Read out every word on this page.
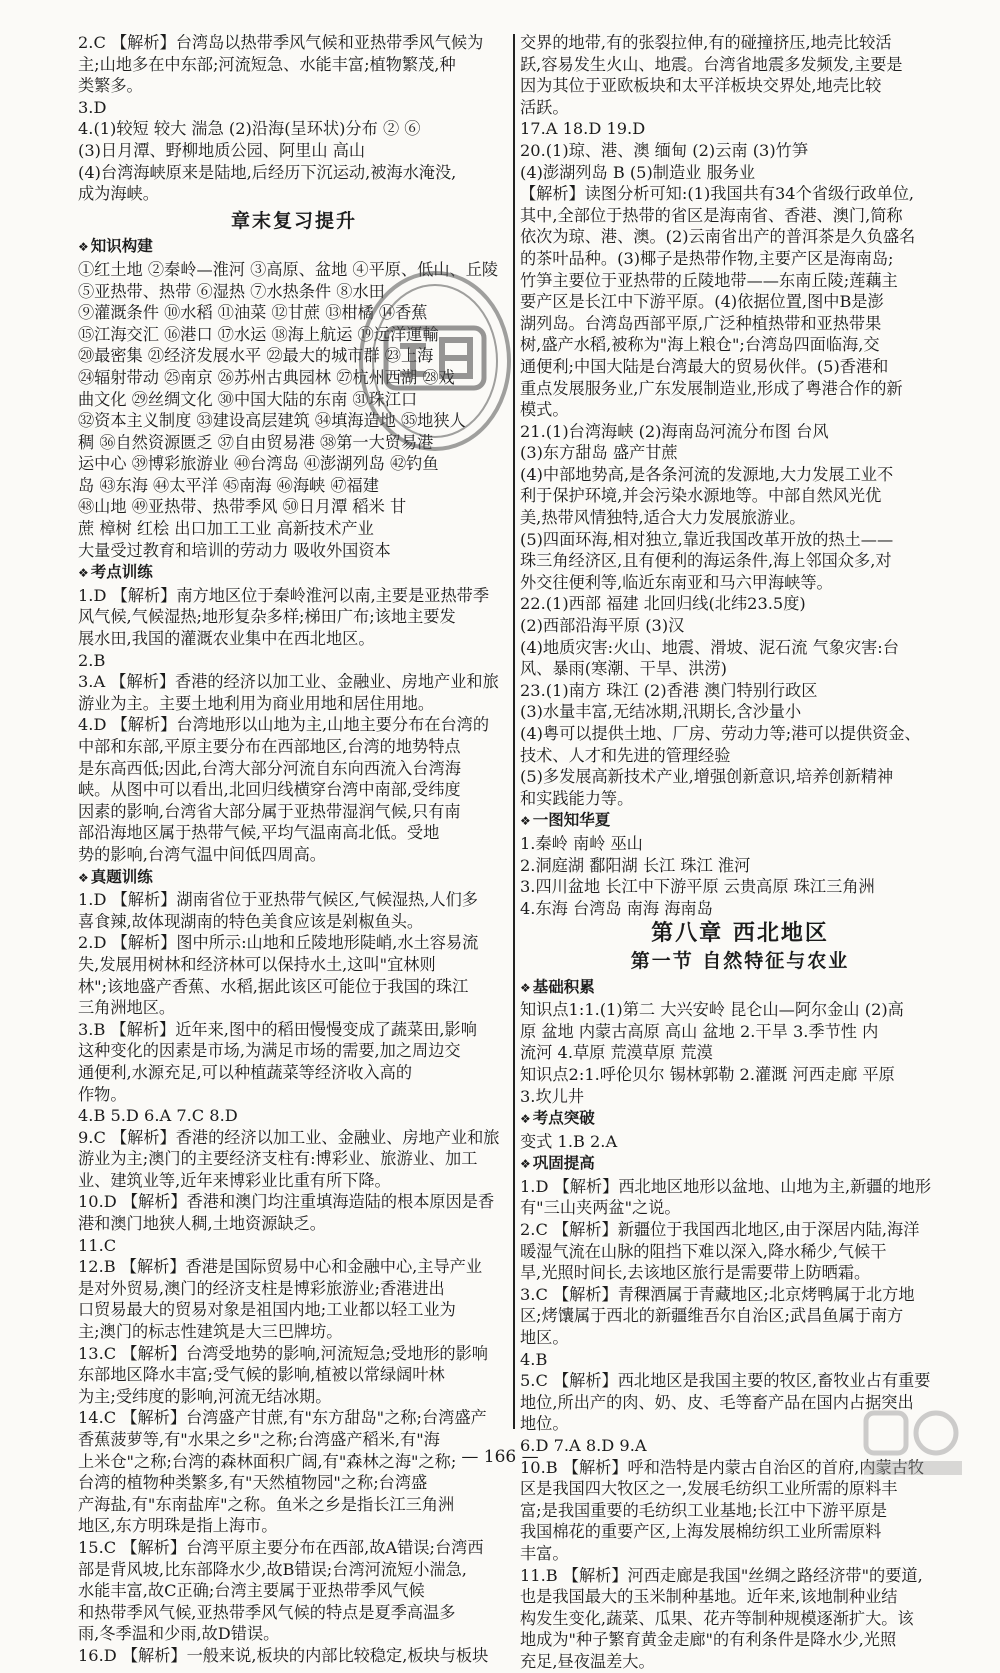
2.C 【解析】台湾岛以热带季风气候和亚热带季风气候为
主;山地多在中东部;河流短急、水能丰富;植物繁茂,种
类繁多。
3.D
4.(1)较短 较大 湍急 (2)沿海(呈环状)分布 ② ⑥
(3)日月潭、野柳地质公园、阿里山 高山
(4)台湾海峡原来是陆地,后经历下沉运动,被海水淹没,
成为海峡。
章末复习提升
❖ 知识构建
①红土地 ②秦岭—淮河 ③高原、盆地 ④平原、低山、丘陵
⑤亚热带、热带 ⑥湿热 ⑦水热条件 ⑧水田
⑨灌溉条件 ⑩水稻 ⑪油菜 ⑫甘蔗 ⑬柑橘 ⑭香蕉
⑮江海交汇 ⑯港口 ⑰水运 ⑱海上航运 ⑲远洋運輸
⑳最密集 ㉑经济发展水平 ㉒最大的城市群 ㉓上海
㉔辐射带动 ㉕南京 ㉖苏州古典园林 ㉗杭州西湖 ㉘戏
曲文化 ㉙丝绸文化 ㉚中国大陆的东南 ㉛珠江口
㉜资本主义制度 ㉝建设高层建筑 ㉞填海造地 ㉟地狭人
稠 ㊱自然资源匮乏 ㊲自由贸易港 ㊳第一大贸易港
运中心 ㊴博彩旅游业 ㊵台湾岛 ㊶澎湖列岛 ㊷钓鱼
岛 ㊸东海 ㊹太平洋 ㊺南海 ㊻海峡 ㊼福建
㊽山地 ㊾亚热带、热带季风 ㊿日月潭 稻米 甘
蔗 樟树 红桧 出口加工工业 高新技术产业
大量受过教育和培训的劳动力 吸收外国资本
❖ 考点训练
1.D 【解析】南方地区位于秦岭淮河以南,主要是亚热带季
风气候,气候湿热;地形复杂多样;梯田广布;该地主要发
展水田,我国的灌溉农业集中在西北地区。
2.B
3.A 【解析】香港的经济以加工业、金融业、房地产业和旅
游业为主。主要土地利用为商业用地和居住用地。
4.D 【解析】台湾地形以山地为主,山地主要分布在台湾的
中部和东部,平原主要分布在西部地区,台湾的地势特点
是东高西低;因此,台湾大部分河流自东向西流入台湾海
峡。从图中可以看出,北回归线横穿台湾中南部,受纬度
因素的影响,台湾省大部分属于亚热带湿润气候,只有南
部沿海地区属于热带气候,平均气温南高北低。受地
势的影响,台湾气温中间低四周高。
❖ 真题训练
1.D 【解析】湖南省位于亚热带气候区,气候湿热,人们多
喜食辣,故体现湖南的特色美食应该是剁椒鱼头。
2.D 【解析】图中所示:山地和丘陵地形陡峭,水土容易流
失,发展用树林和经济林可以保持水土,这叫"宜林则
林";该地盛产香蕉、水稻,据此该区可能位于我国的珠江
三角洲地区。
3.B 【解析】近年来,图中的稻田慢慢变成了蔬菜田,影响
这种变化的因素是市场,为满足市场的需要,加之周边交
通便利,水源充足,可以种植蔬菜等经济收入高的
作物。
4.B 5.D 6.A 7.C 8.D
9.C 【解析】香港的经济以加工业、金融业、房地产业和旅
游业为主;澳门的主要经济支柱有:博彩业、旅游业、加工
业、建筑业等,近年来博彩业比重有所下降。
10.D 【解析】香港和澳门均注重填海造陆的根本原因是香
港和澳门地狭人稠,土地资源缺乏。
11.C
12.B 【解析】香港是国际贸易中心和金融中心,主导产业
是对外贸易,澳门的经济支柱是博彩旅游业;香港进出
口贸易最大的贸易对象是祖国内地;工业都以轻工业为
主;澳门的标志性建筑是大三巴牌坊。
13.C 【解析】台湾受地势的影响,河流短急;受地形的影响
东部地区降水丰富;受气候的影响,植被以常绿阔叶林
为主;受纬度的影响,河流无结冰期。
14.C 【解析】台湾盛产甘蔗,有"东方甜岛"之称;台湾盛产
香蕉菠萝等,有"水果之乡"之称;台湾盛产稻米,有"海
上米仓"之称;台湾的森林面积广阔,有"森林之海"之称;
台湾的植物种类繁多,有"天然植物园"之称;台湾盛
产海盐,有"东南盐库"之称。鱼米之乡是指长江三角洲
地区,东方明珠是指上海市。
15.C 【解析】台湾平原主要分布在西部,故A错误;台湾西
部是背风坡,比东部降水少,故B错误;台湾河流短小湍急,
水能丰富,故C正确;台湾主要属于亚热带季风气候
和热带季风气候,亚热带季风气候的特点是夏季高温多
雨,冬季温和少雨,故D错误。
16.D 【解析】一般来说,板块的内部比较稳定,板块与板块
交界的地带,有的张裂拉伸,有的碰撞挤压,地壳比较活
跃,容易发生火山、地震。台湾省地震多发频发,主要是
因为其位于亚欧板块和太平洋板块交界处,地壳比较
活跃。
17.A 18.D 19.D
20.(1)琼、港、澳 缅甸 (2)云南 (3)竹笋
(4)澎湖列岛 B (5)制造业 服务业
【解析】读图分析可知:(1)我国共有34个省级行政单位,
其中,全部位于热带的省区是海南省、香港、澳门,简称
依次为琼、港、澳。(2)云南省出产的普洱茶是久负盛名
的茶叶品种。(3)椰子是热带作物,主要产区是海南岛;
竹笋主要位于亚热带的丘陵地带——东南丘陵;莲藕主
要产区是长江中下游平原。(4)依据位置,图中B是澎
湖列岛。台湾岛西部平原,广泛种植热带和亚热带果
树,盛产水稻,被称为"海上粮仓";台湾岛四面临海,交
通便利;中国大陆是台湾最大的贸易伙伴。(5)香港和
重点发展服务业,广东发展制造业,形成了粤港合作的新
模式。
21.(1)台湾海峡 (2)海南岛河流分布图 台风
(3)东方甜岛 盛产甘蔗
(4)中部地势高,是各条河流的发源地,大力发展工业不
利于保护环境,并会污染水源地等。中部自然风光优
美,热带风情独特,适合大力发展旅游业。
(5)四面环海,相对独立,靠近我国改革开放的热土——
珠三角经济区,且有便利的海运条件,海上邻国众多,对
外交往便利等,临近东南亚和马六甲海峡等。
22.(1)西部 福建 北回归线(北纬23.5度)
(2)西部沿海平原 (3)汉
(4)地质灾害:火山、地震、滑坡、泥石流 气象灾害:台
风、暴雨(寒潮、干旱、洪涝)
23.(1)南方 珠江 (2)香港 澳门特别行政区
(3)水量丰富,无结冰期,汛期长,含沙量小
(4)粤可以提供土地、厂房、劳动力等;港可以提供资金、
技术、人才和先进的管理经验
(5)多发展高新技术产业,增强创新意识,培养创新精神
和实践能力等。
❖ 一图知华夏
1.秦岭 南岭 巫山
2.洞庭湖 鄱阳湖 长江 珠江 淮河
3.四川盆地 长江中下游平原 云贵高原 珠江三角洲
4.东海 台湾岛 南海 海南岛
第八章 西北地区
第一节 自然特征与农业
❖ 基础积累
知识点1:1.(1)第二 大兴安岭 昆仑山—阿尔金山 (2)高
原 盆地 内蒙古高原 高山 盆地 2.干旱 3.季节性 内
流河 4.草原 荒漠草原 荒漠
知识点2:1.呼伦贝尔 锡林郭勒 2.灌溉 河西走廊 平原
3.坎儿井
❖ 考点突破
变式 1.B 2.A
❖ 巩固提高
1.D 【解析】西北地区地形以盆地、山地为主,新疆的地形
有"三山夹两盆"之说。
2.C 【解析】新疆位于我国西北地区,由于深居内陆,海洋
暖湿气流在山脉的阻挡下难以深入,降水稀少,气候干
旱,光照时间长,去该地区旅行是需要带上防晒霜。
3.C 【解析】青稞酒属于青藏地区;北京烤鸭属于北方地
区;烤馕属于西北的新疆维吾尔自治区;武昌鱼属于南方
地区。
4.B
5.C 【解析】西北地区是我国主要的牧区,畜牧业占有重要
地位,所出产的肉、奶、皮、毛等畜产品在国内占据突出
地位。
6.D 7.A 8.D 9.A
10.B 【解析】呼和浩特是内蒙古自治区的首府,内蒙古牧
区是我国四大牧区之一,发展毛纺织工业所需的原料丰
富;是我国重要的毛纺织工业基地;长江中下游平原是
我国棉花的重要产区,上海发展棉纺织工业所需原料
丰富。
11.B 【解析】河西走廊是我国"丝绸之路经济带"的要道,
也是我国最大的玉米制种基地。近年来,该地制种业结
构发生变化,蔬菜、瓜果、花卉等制种规模逐渐扩大。该
地成为"种子繁育黄金走廊"的有利条件是降水少,光照
充足,昼夜温差大。
— 166 —
